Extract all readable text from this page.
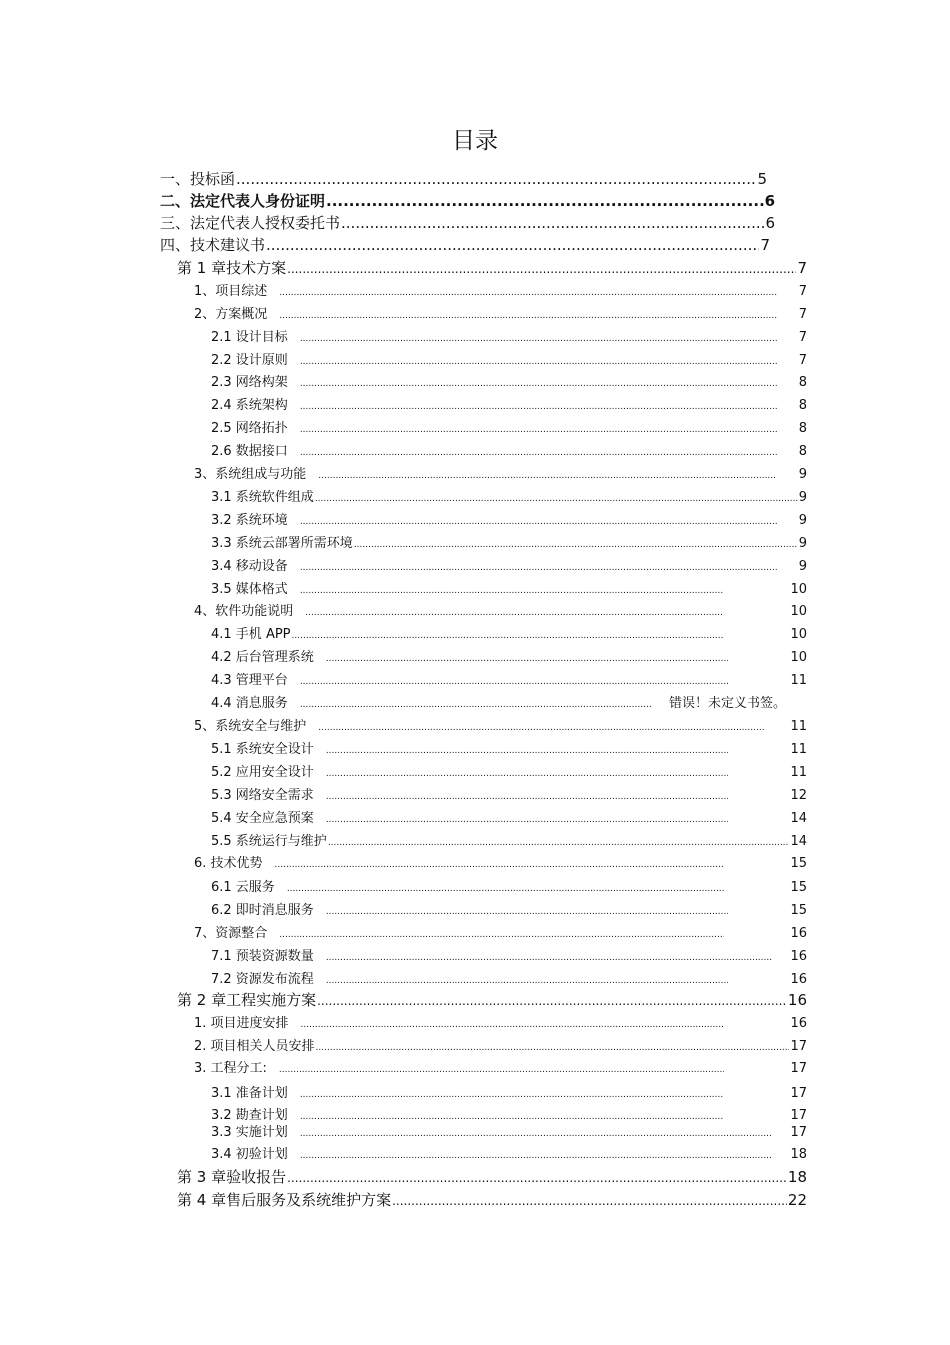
目录
一、投标函 .....	5
二、法定代表人身份证明 .....	6
三、法定代表人授权委托书 .....	6
四、技术建议书 .....	7
第 1 章技术方案 .....	7
1、项目综述 .....	7
2、方案概况 .....	7
2.1 设计目标 .....	7
2.2 设计原则 .....	7
2.3 网络构架 .....	8
2.4 系统架构 .....	8
2.5 网络拓扑 .....	8
2.6 数据接口 .....	8
3、系统组成与功能 .....	9
3.1 系统软件组成 .....	9
3.2 系统环境 .....	9
3.3 系统云部署所需环境 .....	9
3.4 移动设备 .....	9
3.5 媒体格式 .....	10
4、软件功能说明 .....	10
4.1 手机 APP .....	10
4.2 后台管理系统 .....	10
4.3 管理平台 .....	11
4.4 消息服务 .....	错误！未定义书签。
5、系统安全与维护 .....	11
5.1 系统安全设计 .....	11
5.2 应用安全设计 .....	11
5.3 网络安全需求 .....	12
5.4 安全应急预案 .....	14
5.5 系统运行与维护 .....	14
6. 技术优势 .....	15
6.1 云服务 .....	15
6.2 即时消息服务 .....	15
7、资源整合 .....	16
7.1 预装资源数量 .....	16
7.2 资源发布流程 .....	16
第 2 章工程实施方案 .....	16
1. 项目进度安排 .....	16
2. 项目相关人员安排 .....	17
3. 工程分工: .....	17
3.1 准备计划 .....	17
3.2 勘查计划 .....	17
3.3 实施计划 .....	17
3.4 初验计划 .....	18
第 3 章验收报告 .....	18
第 4 章售后服务及系统维护方案 .....	22
